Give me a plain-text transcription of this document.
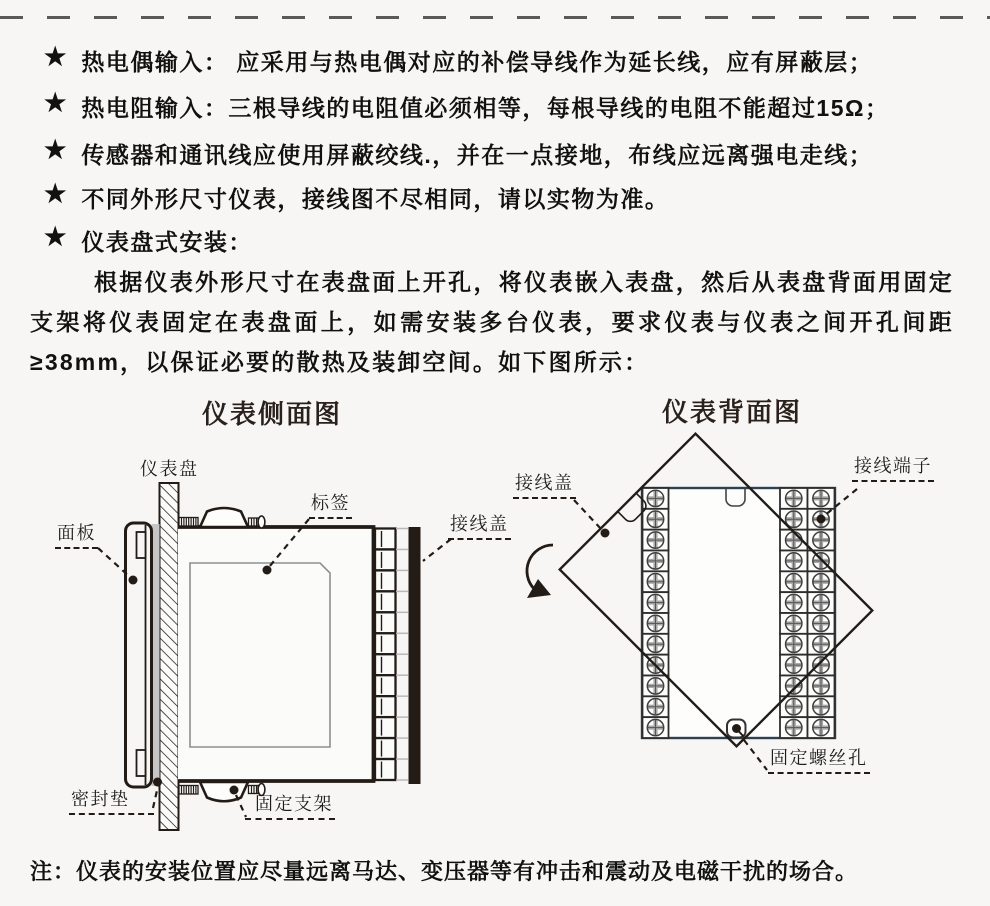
★ 热电偶输入： 应采用与热电偶对应的补偿导线作为延长线，应有屏蔽层；
★ 热电阻输入：三根导线的电阻值必须相等，每根导线的电阻不能超过15Ω；
★ 传感器和通讯线应使用屏蔽绞线.，并在一点接地，布线应远离强电走线；
★ 不同外形尺寸仪表，接线图不尽相同，请以实物为准。
★ 仪表盘式安装：
根据仪表外形尺寸在表盘面上开孔，将仪表嵌入表盘，然后从表盘背面用固定支架将仪表固定在表盘面上，如需安装多台仪表，要求仪表与仪表之间开孔间距≥38mm，以保证必要的散热及装卸空间。如下图所示：
仪表侧面图	仪表背面图
仪表盘
面板
标签
接线盖
密封垫	固定支架
接线盖
接线端子
固定螺丝孔
注：仪表的安装位置应尽量远离马达、变压器等有冲击和震动及电磁干扰的场合。
